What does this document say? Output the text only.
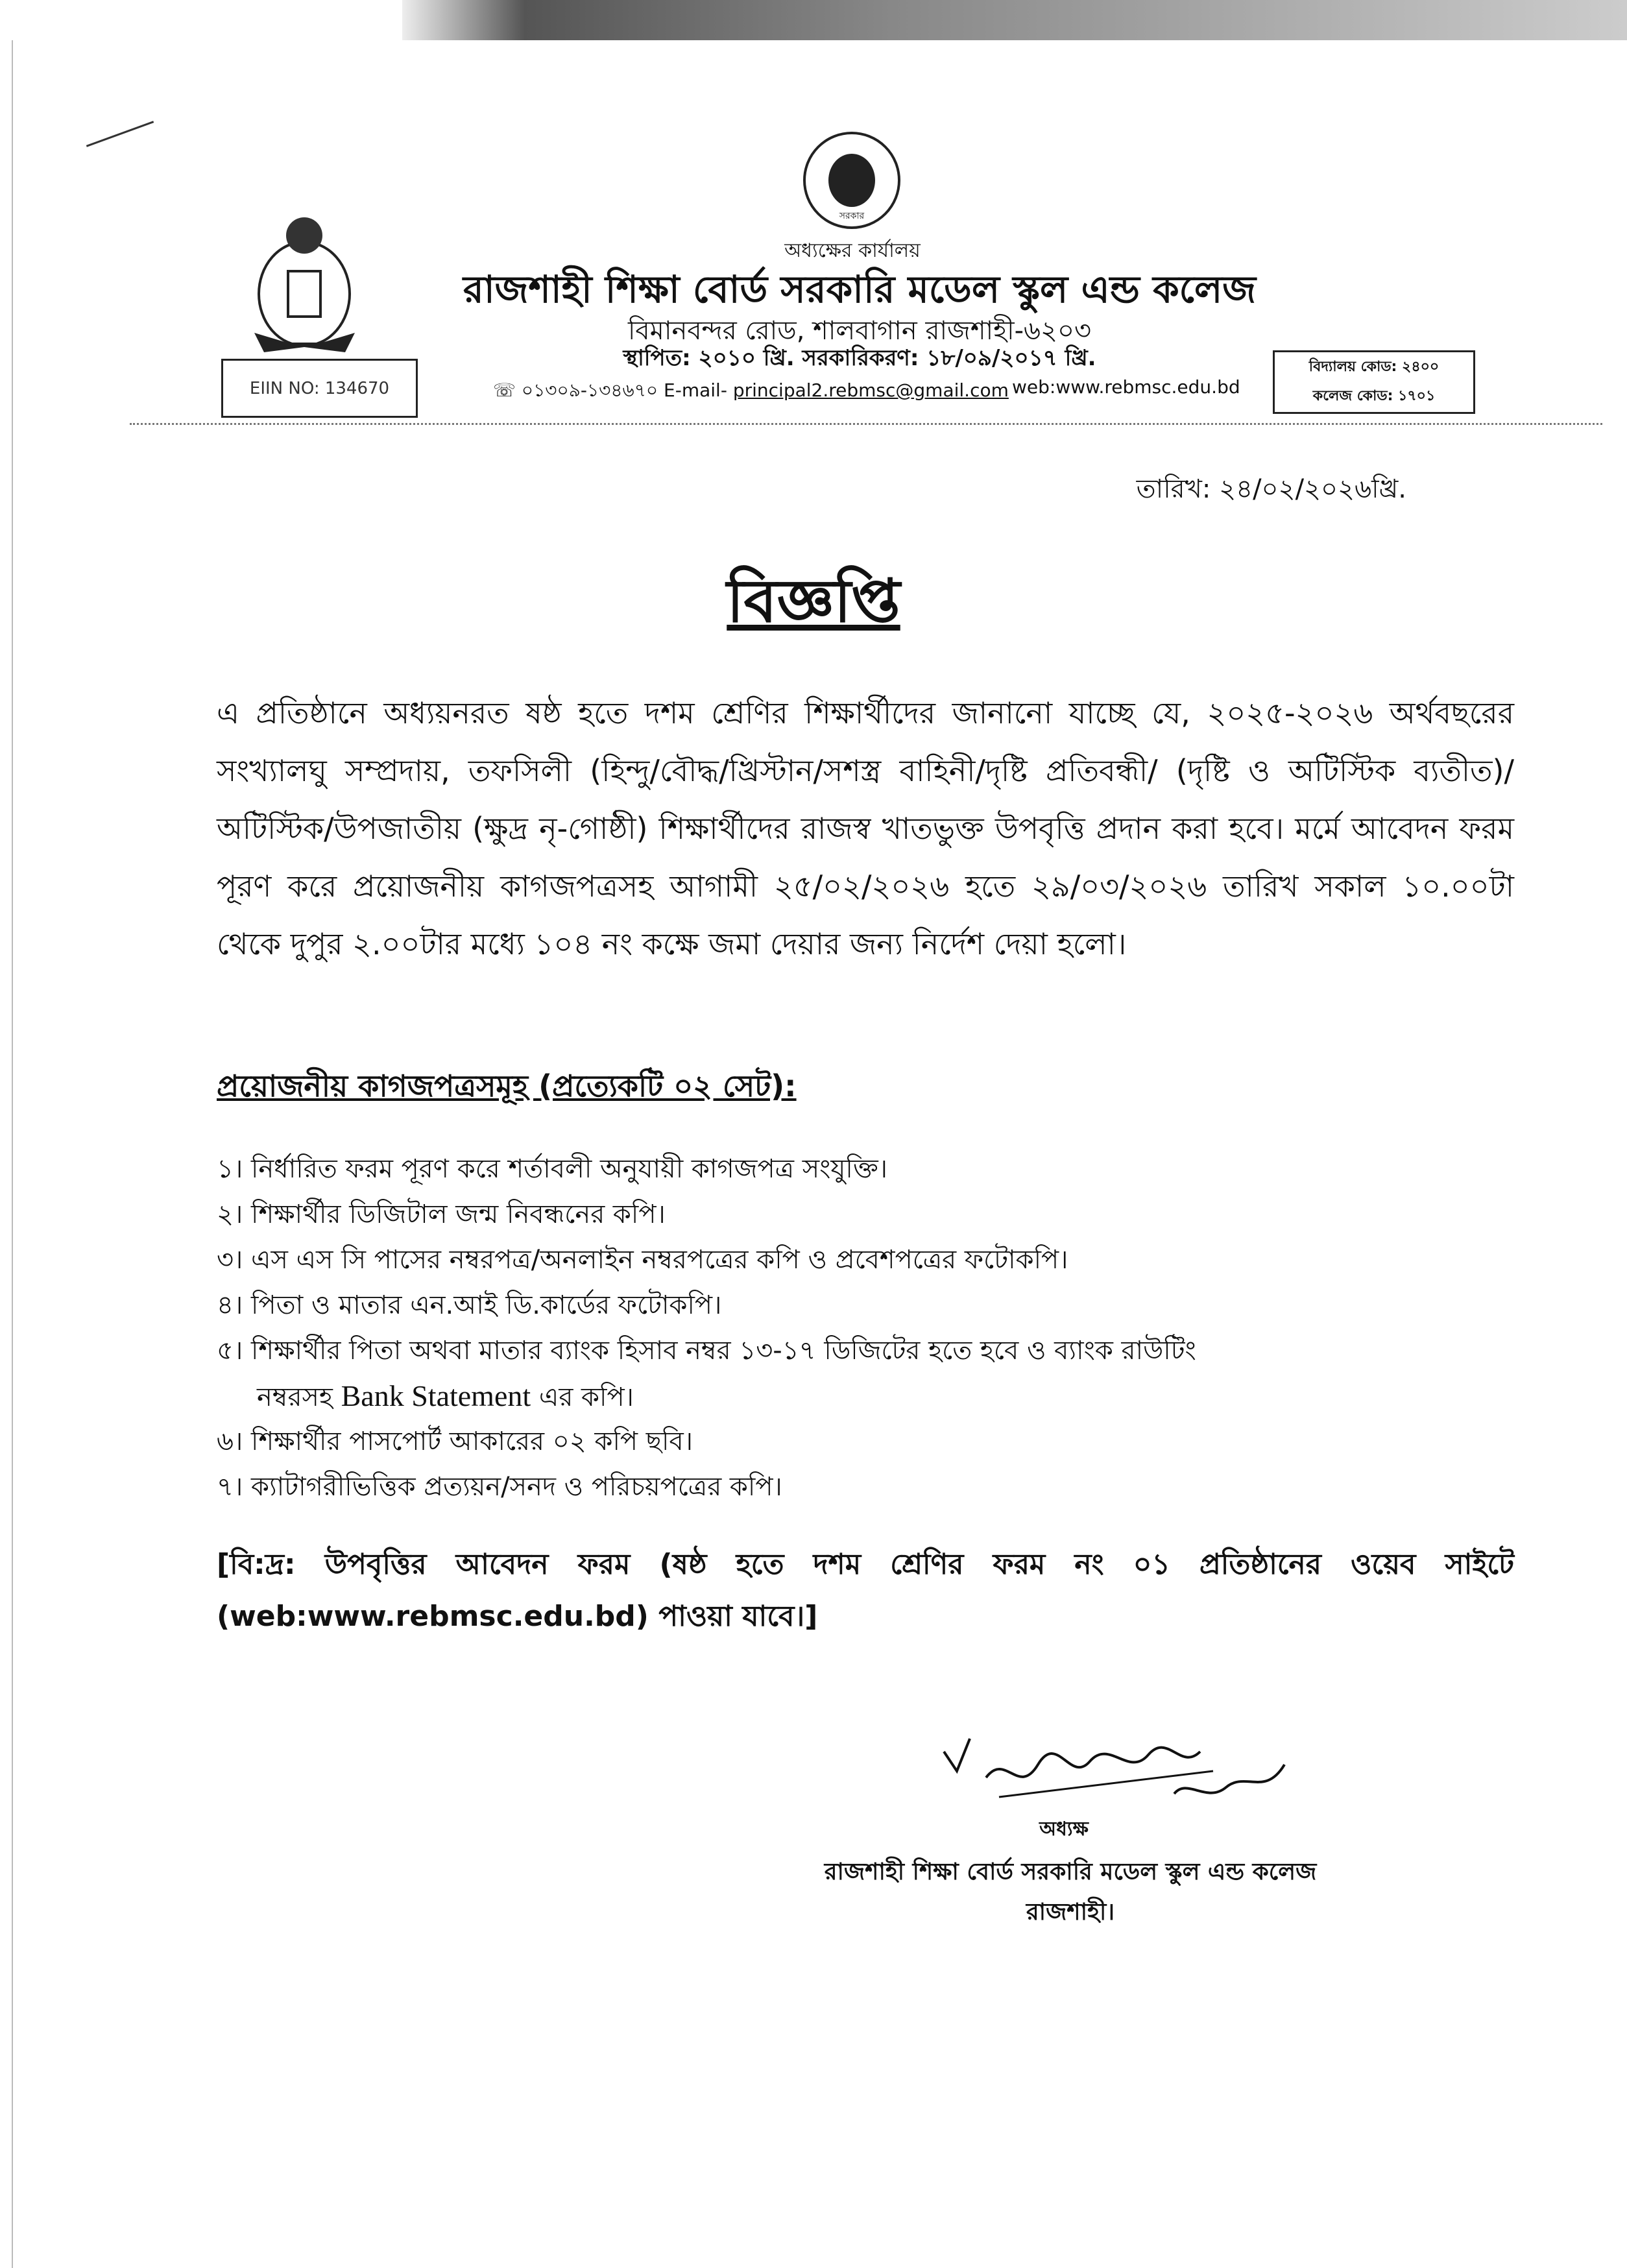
সরকার
অধ্যক্ষের কার্যালয়
রাজশাহী শিক্ষা বোর্ড সরকারি মডেল স্কুল এন্ড কলেজ
বিমানবন্দর রোড, শালবাগান রাজশাহী-৬২০৩
স্থাপিত: ২০১০ খ্রি. সরকারিকরণ: ১৮/০৯/২০১৭ খ্রি.
☏ ০১৩০৯-১৩৪৬৭০ E-mail- principal2.rebmsc@gmail.com web:www.rebmsc.edu.bd
EIIN NO: 134670
বিদ্যালয় কোড: ২৪০০
কলেজ কোড: ১৭০১
তারিখ: ২৪/০২/২০২৬খ্রি.
বিজ্ঞপ্তি
এ প্রতিষ্ঠানে অধ্যয়নরত ষষ্ঠ হতে দশম শ্রেণির শিক্ষার্থীদের জানানো যাচ্ছে যে, ২০২৫-২০২৬ অর্থবছরের সংখ্যালঘু সম্প্রদায়, তফসিলী (হিন্দু/বৌদ্ধ/খ্রিস্টান/সশস্ত্র বাহিনী/দৃষ্টি প্রতিবন্ধী/ (দৃষ্টি ও অটিস্টিক ব্যতীত)/অটিস্টিক/উপজাতীয় (ক্ষুদ্র নৃ-গোষ্ঠী) শিক্ষার্থীদের রাজস্ব খাতভুক্ত উপবৃত্তি প্রদান করা হবে। মর্মে আবেদন ফরম পূরণ করে প্রয়োজনীয় কাগজপত্রসহ আগামী ২৫/০২/২০২৬ হতে ২৯/০৩/২০২৬ তারিখ সকাল ১০.০০টা থেকে দুপুর ২.০০টার মধ্যে ১০৪ নং কক্ষে জমা দেয়ার জন্য নির্দেশ দেয়া হলো।
প্রয়োজনীয় কাগজপত্রসমূহ (প্রত্যেকটি ০২ সেট):
১। নির্ধারিত ফরম পূরণ করে শর্তাবলী অনুযায়ী কাগজপত্র সংযুক্তি।
২। শিক্ষার্থীর ডিজিটাল জন্ম নিবন্ধনের কপি।
৩। এস এস সি পাসের নম্বরপত্র/অনলাইন নম্বরপত্রের কপি ও প্রবেশপত্রের ফটোকপি।
৪। পিতা ও মাতার এন.আই ডি.কার্ডের ফটোকপি।
৫। শিক্ষার্থীর পিতা অথবা মাতার ব্যাংক হিসাব নম্বর ১৩-১৭ ডিজিটের হতে হবে ও ব্যাংক রাউটিং
নম্বরসহ Bank Statement এর কপি।
৬। শিক্ষার্থীর পাসপোর্ট আকারের ০২ কপি ছবি।
৭। ক্যাটাগরীভিত্তিক প্রত্যয়ন/সনদ ও পরিচয়পত্রের কপি।
[বি:দ্র: উপবৃত্তির আবেদন ফরম (ষষ্ঠ হতে দশম শ্রেণির ফরম নং ০১ প্রতিষ্ঠানের ওয়েব সাইটে (web:www.rebmsc.edu.bd) পাওয়া যাবে।]
অধ্যক্ষ
রাজশাহী শিক্ষা বোর্ড সরকারি মডেল স্কুল এন্ড কলেজ
রাজশাহী।
